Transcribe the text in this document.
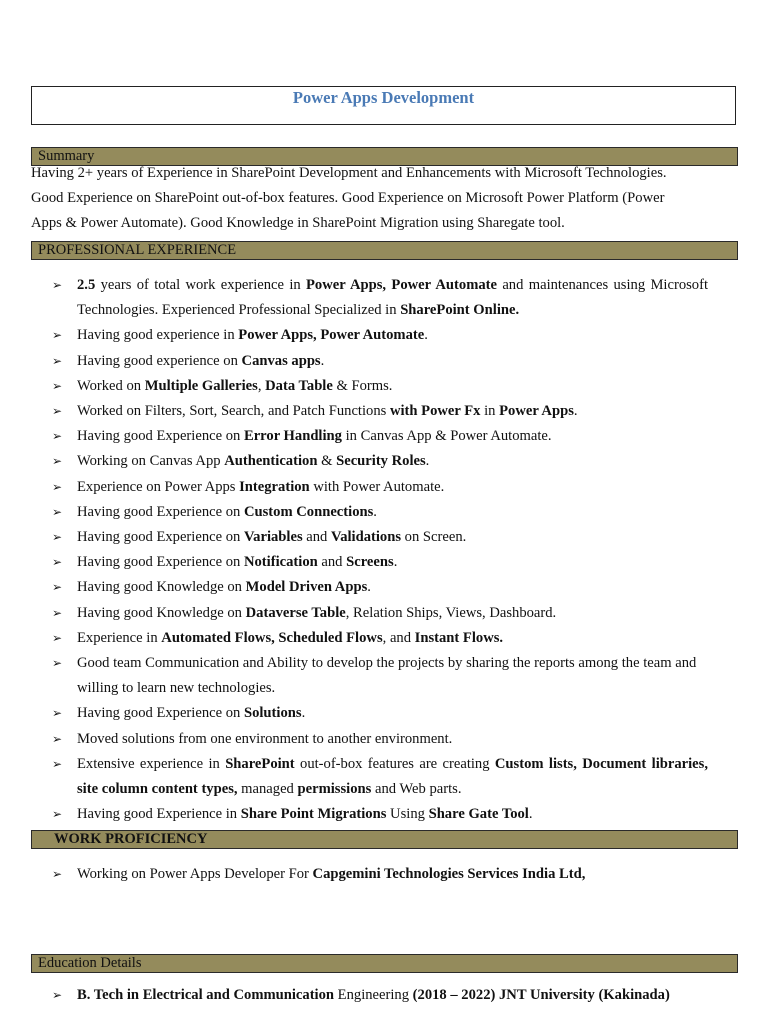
Power Apps Development
Summary

Having 2+ years of Experience in SharePoint Development and Enhancements with Microsoft Technologies.

Good Experience on SharePoint out-of-box features. Good Experience on Microsoft Power Platform (Power

Apps & Power Automate). Good Knowledge in SharePoint Migration using Sharegate tool.

PROFESSIONAL EXPERIENCE
➢ 2.5 years of total work experience in Power Apps, Power Automate and maintenances using Microsoft Technologies. Experienced Professional Specialized in SharePoint Online.
➢ Having good experience in Power Apps, Power Automate.
➢ Having good experience on Canvas apps.
➢ Worked on Multiple Galleries, Data Table & Forms.
➢ Worked on Filters, Sort, Search, and Patch Functions with Power Fx in Power Apps.
➢ Having good Experience on Error Handling in Canvas App & Power Automate.
➢ Working on Canvas App Authentication & Security Roles.
➢ Experience on Power Apps Integration with Power Automate.
➢ Having good Experience on Custom Connections.
➢ Having good Experience on Variables and Validations on Screen.
➢ Having good Experience on Notification and Screens.
➢ Having good Knowledge on Model Driven Apps.
➢ Having good Knowledge on Dataverse Table, Relation Ships, Views, Dashboard.
➢ Experience in Automated Flows, Scheduled Flows, and Instant Flows.
➢ Good team Communication and Ability to develop the projects by sharing the reports among the team and willing to learn new technologies.
➢ Having good Experience on Solutions.
➢ Moved solutions from one environment to another environment.
➢ Extensive experience in SharePoint out-of-box features are creating Custom lists, Document libraries, site column content types, managed permissions and Web parts.
➢ Having good Experience in Share Point Migrations Using Share Gate Tool.
WORK PROFICIENCY
➢ Working on Power Apps Developer For Capgemini Technologies Services India Ltd,
Education Details
➢ B. Tech in Electrical and Communication Engineering (2018 – 2022) JNT University (Kakinada)
